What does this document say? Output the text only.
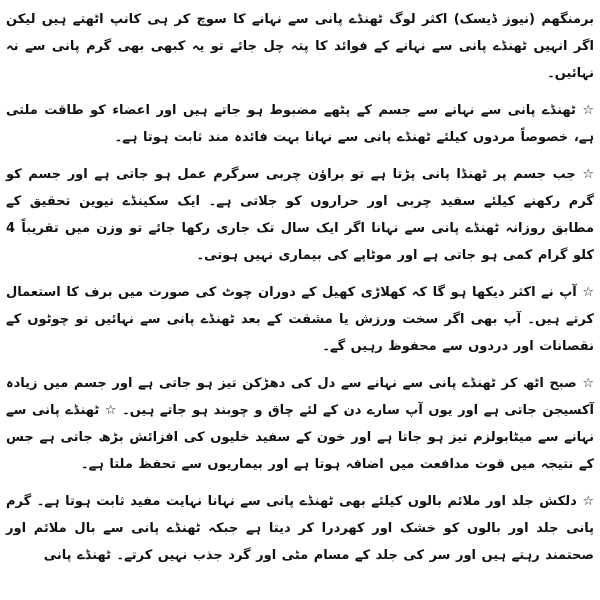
برمنگھم (نیوز ڈیسک) اکثر لوگ ٹھنڈے پانی سے نہانے کا سوچ کر ہی کانپ اٹھتے ہیں لیکن اگر انہیں ٹھنڈے پانی سے نہانے کے فوائد کا پتہ چل جائے تو یہ کبھی بھی گرم پانی سے نہ نہائیں۔

☆ ٹھنڈے پانی سے نہانے سے جسم کے پٹھے مضبوط ہو جاتے ہیں اور اعضاء کو طاقت ملتی ہے، خصوصاً مردوں کیلئے ٹھنڈے پانی سے نہانا بہت فائدہ مند ثابت ہوتا ہے۔

☆ جب جسم پر ٹھنڈا پانی پڑتا ہے تو براؤن چربی سرگرم عمل ہو جاتی ہے اور جسم کو گرم رکھنے کیلئے سفید چربی اور حراروں کو جلاتی ہے۔ ایک سکینڈے نیوین تحقیق کے مطابق روزانہ ٹھنڈے پانی سے نہانا اگر ایک سال تک جاری رکھا جائے تو وزن میں تقریباً 4 کلو گرام کمی ہو جاتی ہے اور موٹاپے کی بیماری نہیں ہوتی۔

☆ آپ نے اکثر دیکھا ہو گا کہ کھلاڑی کھیل کے دوران چوٹ کی صورت میں برف کا استعمال کرتے ہیں۔ آپ بھی اگر سخت ورزش یا مشقت کے بعد ٹھنڈے پانی سے نہائیں تو چوٹوں کے نقصانات اور دردوں سے محفوظ رہیں گے۔

☆ صبح اٹھ کر ٹھنڈے پانی سے نہانے سے دل کی دھڑکن تیز ہو جاتی ہے اور جسم میں زیادہ آکسیجن جاتی ہے اور یوں آپ سارے دن کے لئے چاق و چوبند ہو جاتے ہیں۔ ☆ ٹھنڈے پانی سے نہانے سے میٹابولزم تیز ہو جاتا ہے اور خون کے سفید خلیوں کی افزائش بڑھ جاتی ہے جس کے نتیجہ میں قوت مدافعت میں اضافہ ہوتا ہے اور بیماریوں سے تحفظ ملتا ہے۔

☆ دلکش جلد اور ملائم بالوں کیلئے بھی ٹھنڈے پانی سے نہانا نہایت مفید ثابت ہوتا ہے۔ گرم پانی جلد اور بالوں کو خشک اور کھردرا کر دیتا ہے جبکہ ٹھنڈے پانی سے بال ملائم اور صحتمند رہتے ہیں اور سر کی جلد کے مسام مٹی اور گرد جذب نہیں کرتے۔ ٹھنڈے پانی
